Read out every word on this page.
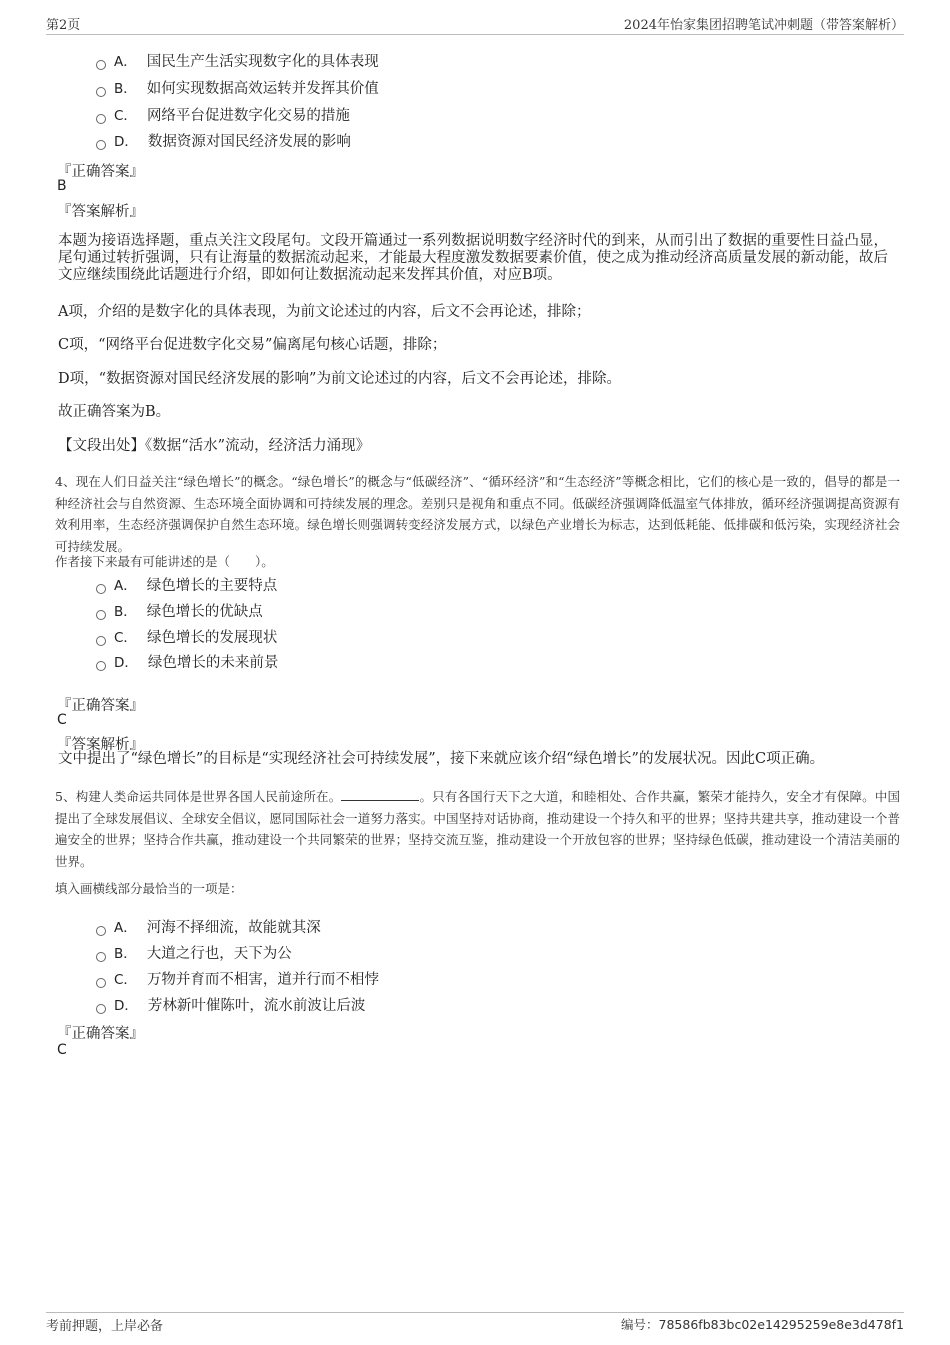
第2页	2024年怡家集团招聘笔试冲刺题（带答案解析）
A． 国民生产生活实现数字化的具体表现
B． 如何实现数据高效运转并发挥其价值
C． 网络平台促进数字化交易的措施
D． 数据资源对国民经济发展的影响
『正确答案』
B
『答案解析』
本题为接语选择题，重点关注文段尾句。文段开篇通过一系列数据说明数字经济时代的到来，从而引出了数据的重要性日益凸显，尾句通过转折强调，只有让海量的数据流动起来，才能最大程度激发数据要素价值，使之成为推动经济高质量发展的新动能，故后文应继续围绕此话题进行介绍，即如何让数据流动起来发挥其价值，对应B项。
A项，介绍的是数字化的具体表现，为前文论述过的内容，后文不会再论述，排除；
C项，“网络平台促进数字化交易”偏离尾句核心话题，排除；
D项，“数据资源对国民经济发展的影响”为前文论述过的内容，后文不会再论述，排除。
故正确答案为B。
【文段出处】《数据“活水”流动，经济活力涌现》
4、现在人们日益关注“绿色增长”的概念。“绿色增长”的概念与“低碳经济”、“循环经济”和“生态经济”等概念相比，它们的核心是一致的，倡导的都是一种经济社会与自然资源、生态环境全面协调和可持续发展的理念。差别只是视角和重点不同。低碳经济强调降低温室气体排放，循环经济强调提高资源有效利用率，生态经济强调保护自然生态环境。绿色增长则强调转变经济发展方式，以绿色产业增长为标志，达到低耗能、低排碳和低污染，实现经济社会可持续发展。
作者接下来最有可能讲述的是（　　）。
A． 绿色增长的主要特点
B． 绿色增长的优缺点
C． 绿色增长的发展现状
D． 绿色增长的未来前景
『正确答案』
C
『答案解析』
文中提出了“绿色增长”的目标是“实现经济社会可持续发展”，接下来就应该介绍“绿色增长”的发展状况。因此C项正确。
5、构建人类命运共同体是世界各国人民前途所在。	。只有各国行天下之大道，和睦相处、合作共赢，繁荣才能持久，安全才有保障。中国提出了全球发展倡议、全球安全倡议，愿同国际社会一道努力落实。中国坚持对话协商，推动建设一个持久和平的世界；坚持共建共享，推动建设一个普遍安全的世界；坚持合作共赢，推动建设一个共同繁荣的世界；坚持交流互鉴，推动建设一个开放包容的世界；坚持绿色低碳，推动建设一个清洁美丽的世界。
填入画横线部分最恰当的一项是：
A． 河海不择细流，故能就其深
B． 大道之行也，天下为公
C． 万物并育而不相害，道并行而不相悖
D． 芳林新叶催陈叶，流水前波让后波
『正确答案』
C
考前押题，上岸必备	编号：78586fb83bc02e14295259e8e3d478f1
